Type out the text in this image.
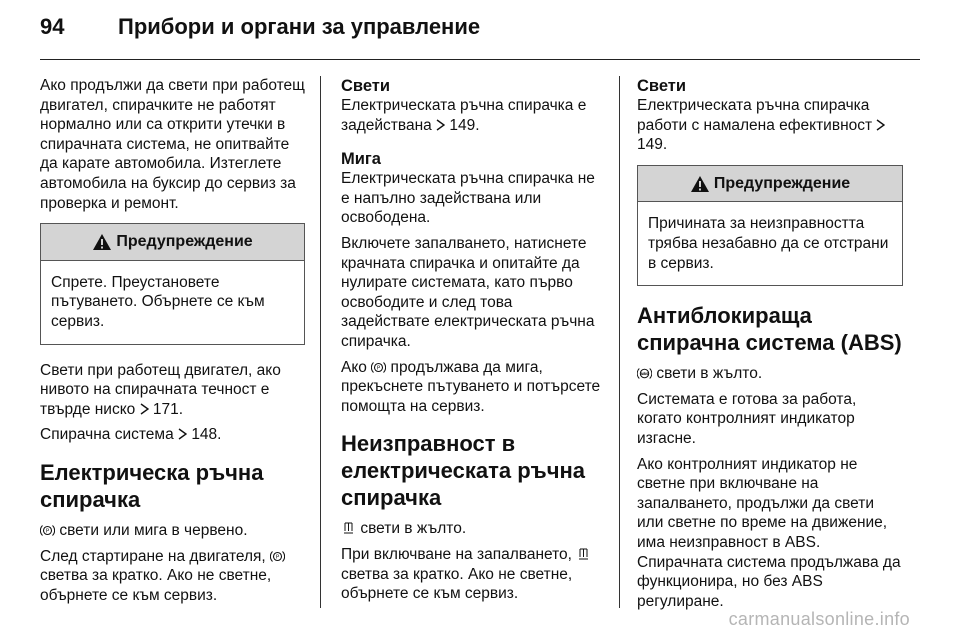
94	Прибори и органи за управление

Ако продължи да свети при работещ двигател, спирачките не работят нормално или са открити утечки в спирачната система, не опитвайте да карате автомобила. Изтеглете автомобила на буксир до сервиз за проверка и ремонт.

Предупреждение
Спрете. Преустановете пътуването. Обърнете се към сервиз.

Свети при работещ двигател, ако нивото на спирачната течност е твърде ниско 171.

Спирачна система 148.

Електрическа ръчна спирачка

P свети или мига в червено.

След стартиране на двигателя, P
светва за кратко. Ако не светне, обърнете се към сервиз.

Свети

Електрическата ръчна спирачка е задействана 149.

Мига

Електрическата ръчна спирачка не е напълно задействана или освободена.

Включете запалването, натиснете крачната спирачка и опитайте да нулирате системата, като първо освободите и след това задействате електрическата ръчна спирачка.

Ако P продължава да мига, прекъснете пътуването и потърсете помощта на сервиз.

Неизправност в електрическата ръчна спирачка

свети в жълто.

При включване на запалването,  светва за кратко. Ако не светне, обърнете се към сервиз.

Свети

Електрическата ръчна спирачка работи с намалена ефективност  149.

Предупреждение
Причината за неизправността трябва незабавно да се отстрани в сервиз.
Антиблокираща спирачна система (ABS)

ABS свети в жълто.

Системата е готова за работа, когато контролният индикатор изгасне.

Ако контролният индикатор не светне при включване на запалването, продължи да свети или светне по време на движение, има неизправност в ABS. Спирачната система продължава да функционира, но без ABS регулиране.

carmanualsonline.info
